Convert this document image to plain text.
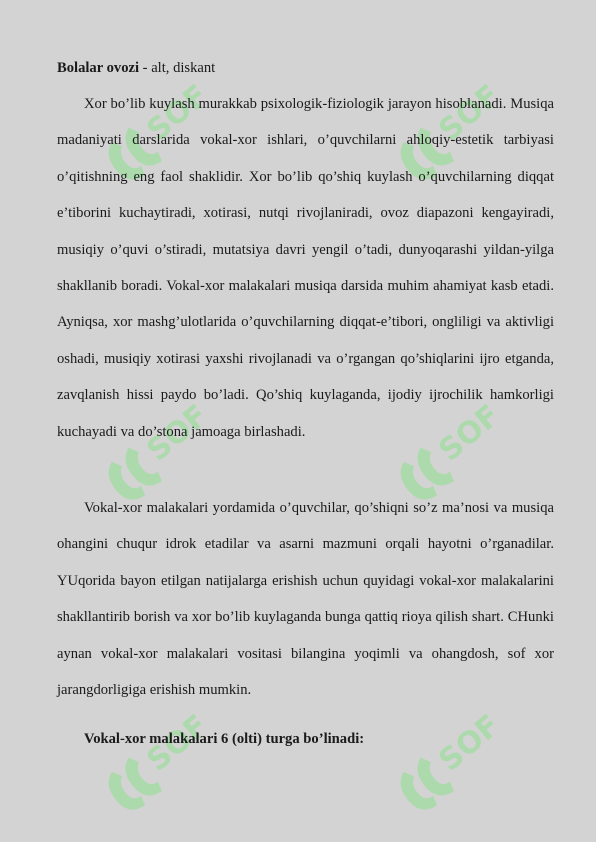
SOF	SOF
SOF	SOF
SOF	SOF
Bolalar ovozi - alt, diskant

Xor bo’lib kuylash murakkab psixologik-fiziologik jarayon hisoblanadi. Musiqa madaniyati darslarida vokal-xor ishlari, o’quvchilarni ahloqiy-estetik tarbiyasi o’qitishning eng faol shaklidir. Xor bo’lib qo’shiq kuylash o’quvchilarning diqqat e’tiborini kuchaytiradi, xotirasi, nutqi rivojlaniradi, ovoz diapazoni kengayiradi, musiqiy o’quvi o’stiradi, mutatsiya davri yengil o’tadi, dunyoqarashi yildan-yilga shakllanib boradi. Vokal-xor malakalari musiqa darsida muhim ahamiyat kasb etadi. Ayniqsa, xor mashg’ulotlarida o’quvchilarning diqqat-e’tibori, ongliligi va aktivligi oshadi, musiqiy xotirasi yaxshi rivojlanadi va o’rgangan qo’shiqlarini ijro etganda, zavqlanish hissi paydo bo’ladi. Qo’shiq kuylaganda, ijodiy ijrochilik hamkorligi kuchayadi va do’stona jamoaga birlashadi.

Vokal-xor malakalari yordamida o’quvchilar, qo’shiqni so’z ma’nosi va musiqa ohangini chuqur idrok etadilar va asarni mazmuni orqali hayotni o’rganadilar. YUqorida bayon etilgan natijalarga erishish uchun quyidagi vokal-xor malakalarini shakllantirib borish va xor bo’lib kuylaganda bunga qattiq rioya qilish shart. CHunki aynan vokal-xor malakalari vositasi bilangina yoqimli va ohangdosh, sof xor jarangdorligiga erishish mumkin.

Vokal-xor malakalari 6 (olti) turga bo’linadi:
